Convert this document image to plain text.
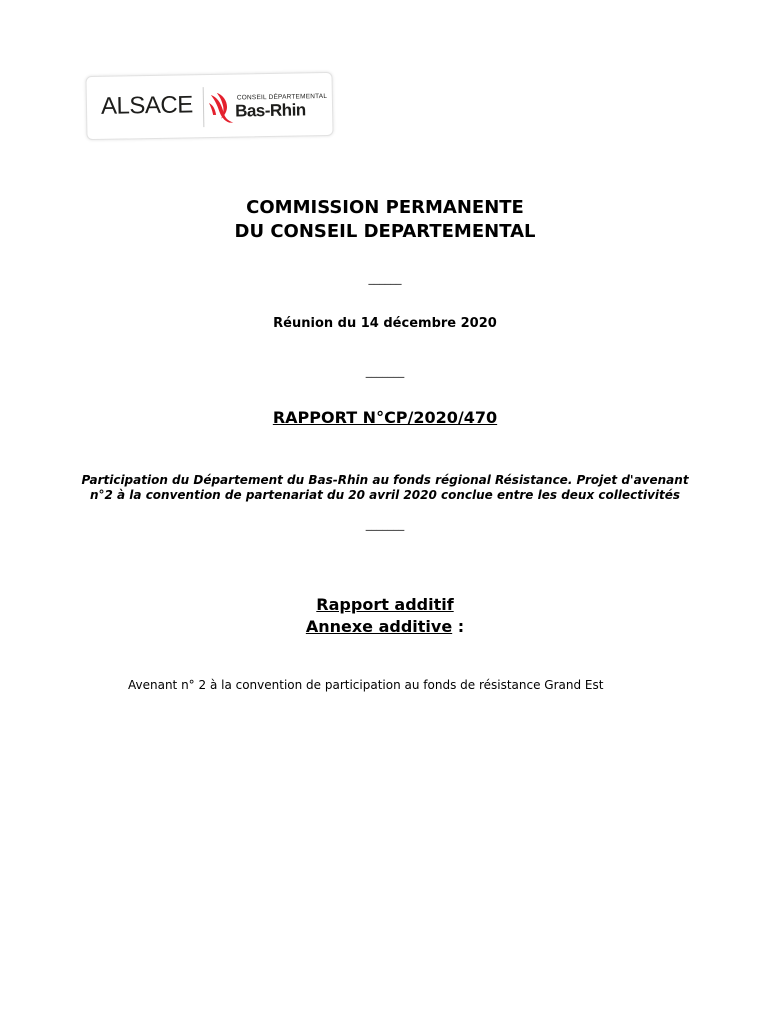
ALSACE	CONSEIL DÉPARTEMENTAL
Bas-Rhin
COMMISSION PERMANENTE
DU CONSEIL DEPARTEMENTAL
______
Réunion du 14 décembre 2020
_______
RAPPORT N°CP/2020/470
Participation du Département du Bas-Rhin au fonds régional Résistance. Projet d'avenant n°2 à la convention de partenariat du 20 avril 2020 conclue entre les deux collectivités
_______
Rapport additif
Annexe additive :
Avenant n° 2 à la convention de participation au fonds de résistance Grand Est
